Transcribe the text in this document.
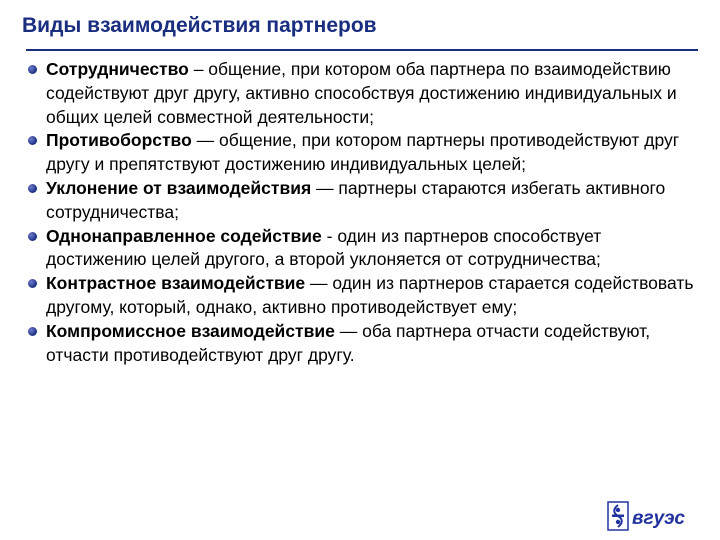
Виды взаимодействия партнеров
Сотрудничество – общение, при котором оба партнера по взаимодействию содействуют друг другу, активно способствуя достижению индивидуальных и общих целей совместной деятельности;
Противоборство — общение, при котором партнеры противодействуют друг другу и препятствуют достижению индивидуальных целей;
Уклонение от взаимодействия — партнеры стараются избегать активного сотрудничества;
Однонаправленное содействие - один из партнеров способствует достижению целей другого, а второй уклоняется от сотрудничества;
Контрастное взаимодействие — один из партнеров старается содействовать другому, который, однако, активно противодействует ему;
Компромиссное взаимодействие — оба партнера отчасти содействуют, отчасти противодействуют друг другу.
вгуэс
